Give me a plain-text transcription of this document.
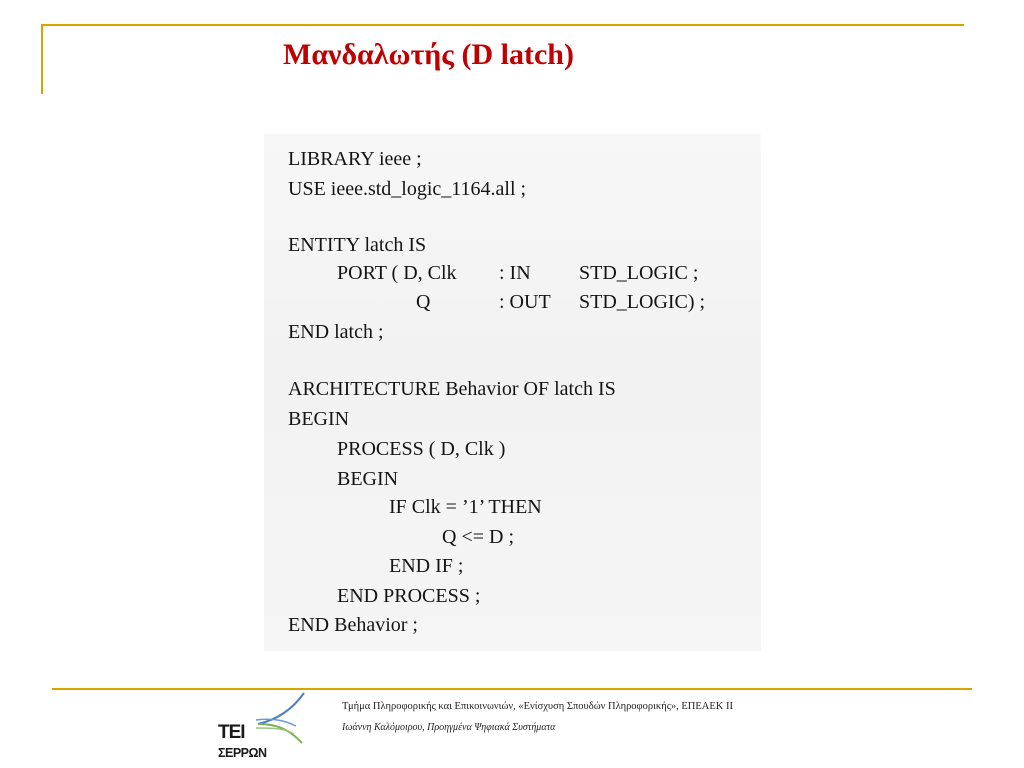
Μανδαλωτής (D latch)

LIBRARY ieee ;

USE ieee.std_logic_1164.all ;

ENTITY latch IS

PORT ( D, Clk

: IN

STD_LOGIC ;

Q

	: OUT

STD_LOGIC) ;

END latch ;

ARCHITECTURE Behavior OF latch IS

BEGIN

PROCESS ( D, Clk )

BEGIN

IF Clk = ’1’ THEN

Q <= D ;

END IF ;

END PROCESS ;

END Behavior ;

ΤΕΙ
ΣΕΡΡΩΝ
Τμήμα Πληροφορικής και Επικοινωνιών, «Ενίσχυση Σπουδών Πληροφορικής», ΕΠΕΑΕΚ ΙΙ
Ιωάννη Καλόμοιρου, Προηγμένα Ψηφιακά Συστήματα
